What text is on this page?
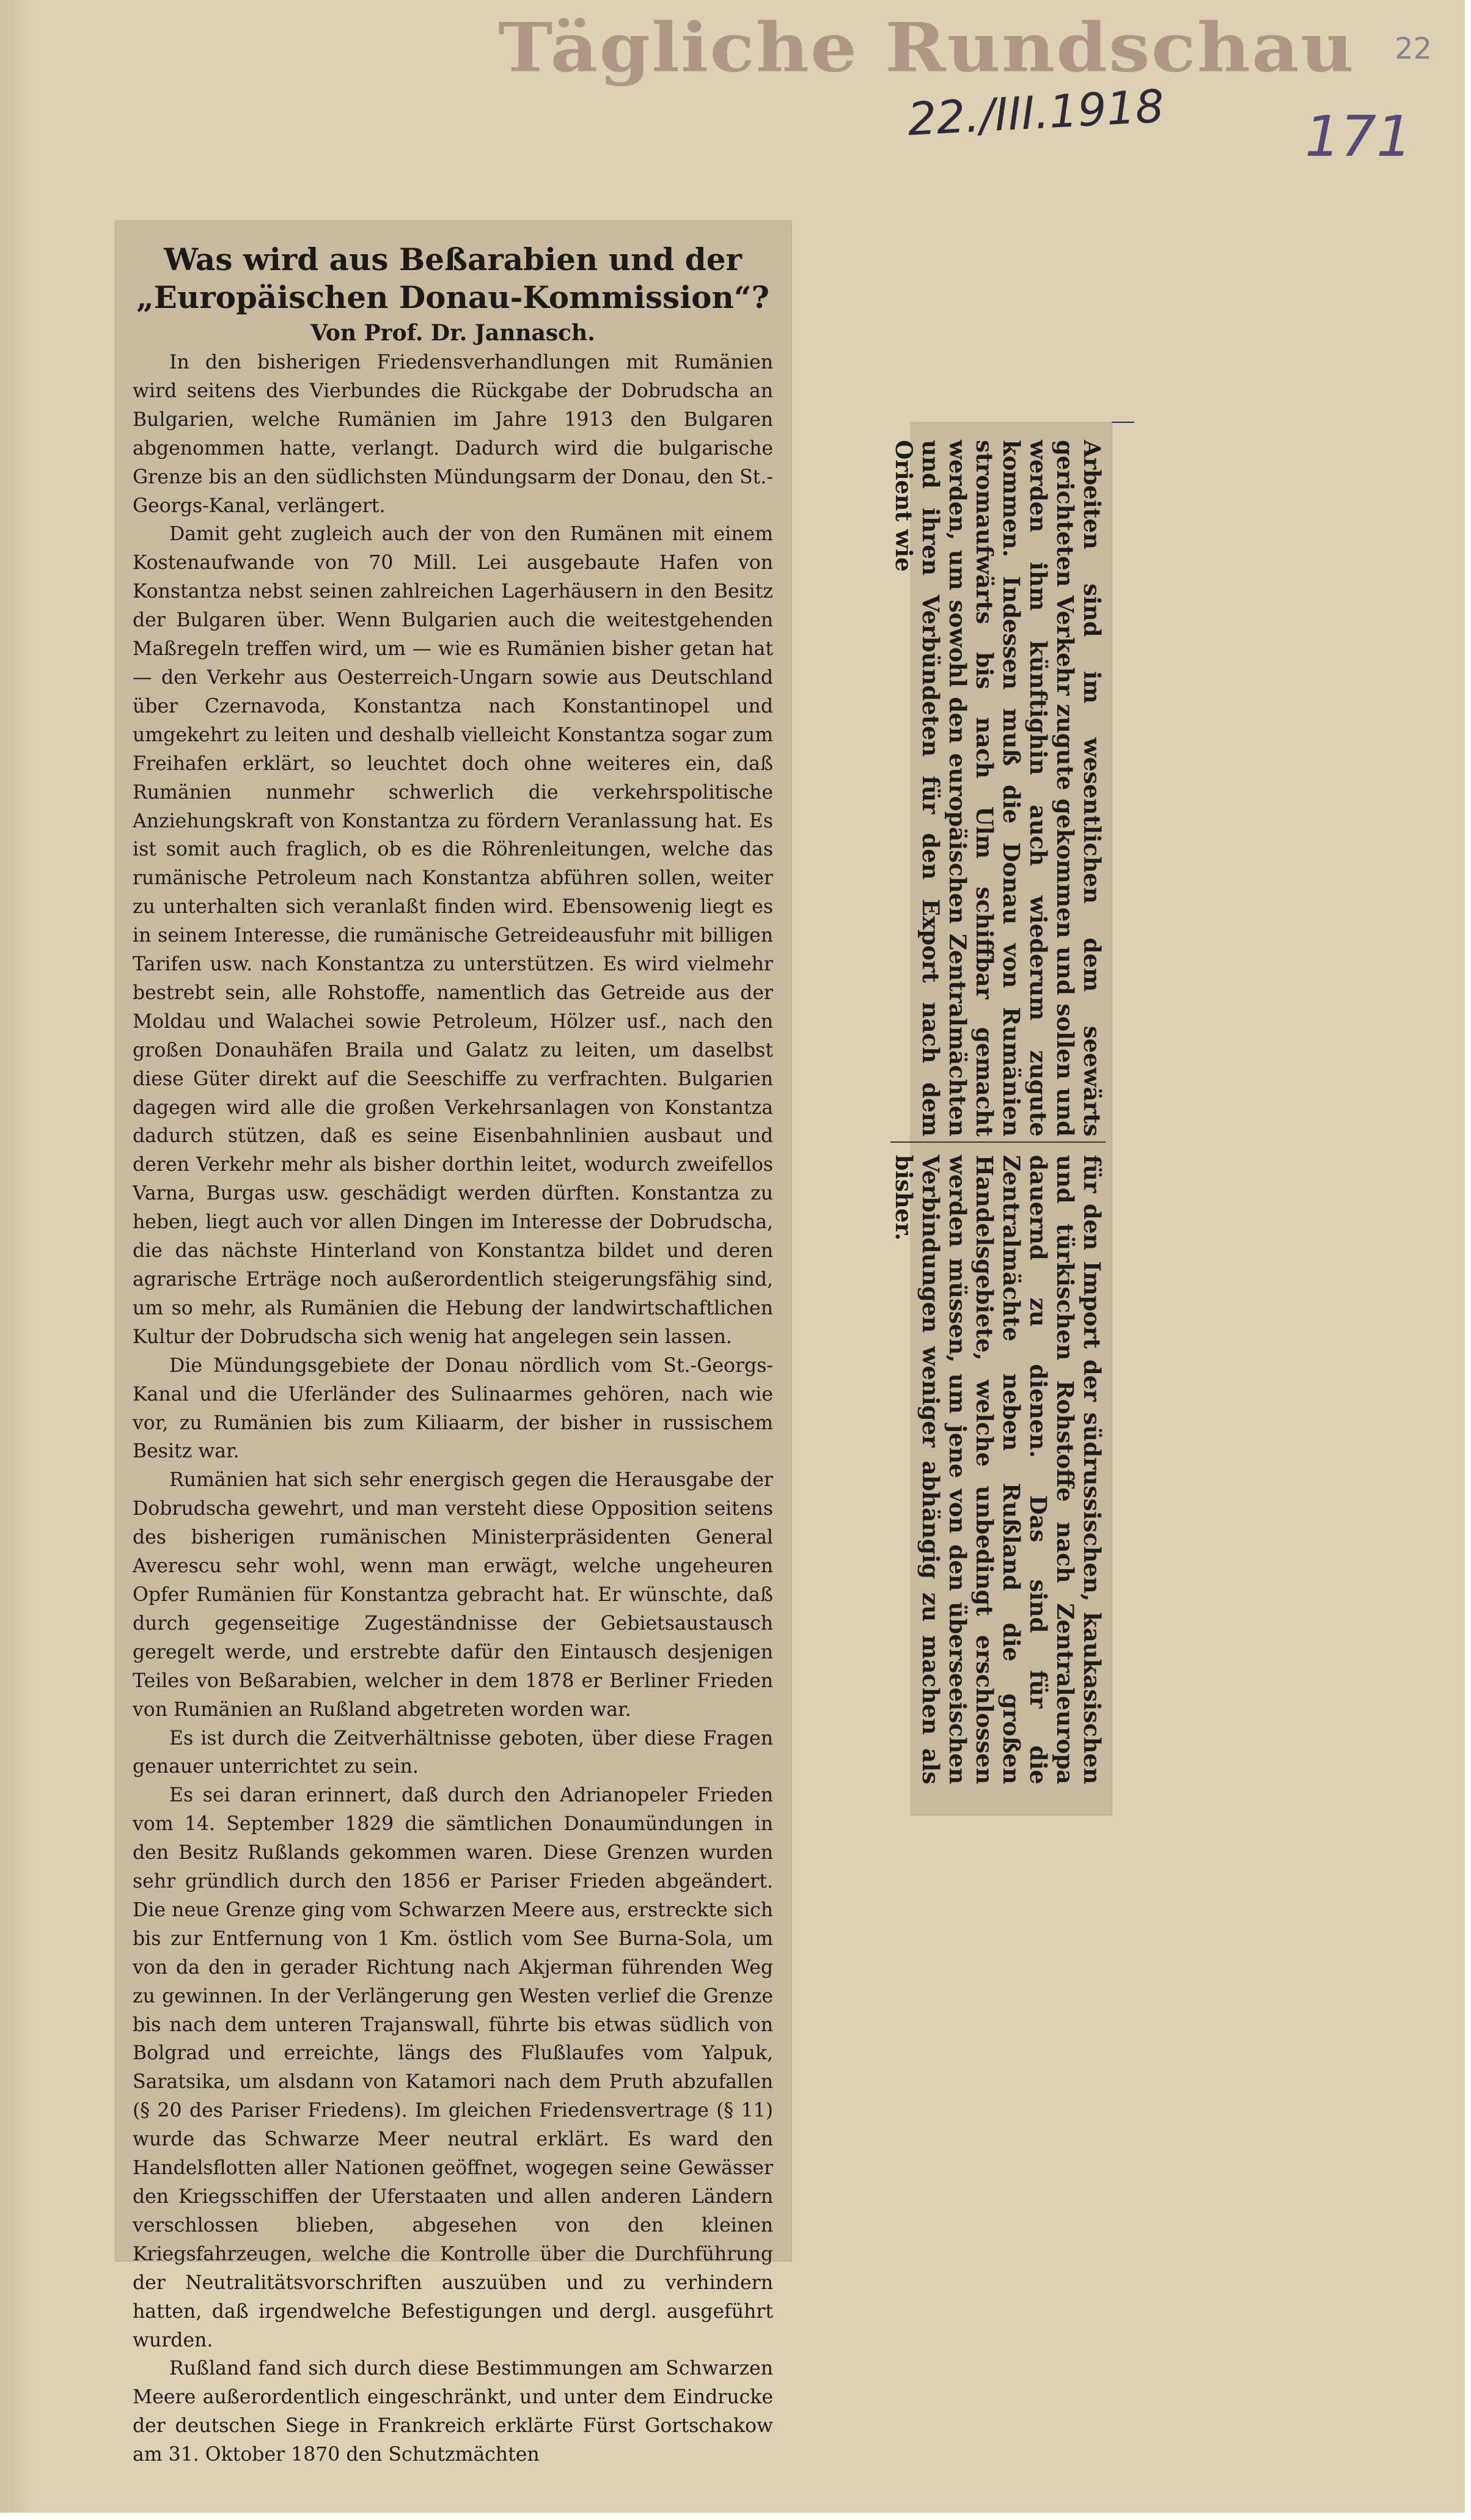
Tägliche Rundschau
22./III.1918 171
22
Was wird aus Beßarabien und der
„Europäischen Donau-Kommission“?
Von Prof. Dr. Jannasch.

In den bisherigen Friedensverhandlungen mit Rumänien wird seitens des Vierbundes die Rückgabe der Dobrudscha an Bulgarien, welche Rumänien im Jahre 1913 den Bulgaren abgenommen hatte, verlangt. Dadurch wird die bulgarische Grenze bis an den südlichsten Mündungsarm der Donau, den St.-Georgs-Kanal, verlängert.

Damit geht zugleich auch der von den Rumänen mit einem Kostenaufwande von 70 Mill. Lei ausgebaute Hafen von Konstantza nebst seinen zahlreichen Lagerhäusern in den Besitz der Bulgaren über. Wenn Bulgarien auch die weitestgehenden Maßregeln treffen wird, um — wie es Rumänien bisher getan hat — den Verkehr aus Oesterreich-Ungarn sowie aus Deutschland über Czernavoda, Konstantza nach Konstantinopel und umgekehrt zu leiten und deshalb vielleicht Konstantza sogar zum Freihafen erklärt, so leuchtet doch ohne weiteres ein, daß Rumänien nunmehr schwerlich die verkehrspolitische Anziehungskraft von Konstantza zu fördern Veranlassung hat. Es ist somit auch fraglich, ob es die Röhrenleitungen, welche das rumänische Petroleum nach Konstantza abführen sollen, weiter zu unterhalten sich veranlaßt finden wird. Ebensowenig liegt es in seinem Interesse, die rumänische Getreideausfuhr mit billigen Tarifen usw. nach Konstantza zu unterstützen. Es wird vielmehr bestrebt sein, alle Rohstoffe, namentlich das Getreide aus der Moldau und Walachei sowie Petroleum, Hölzer usf., nach den großen Donauhäfen Braila und Galatz zu leiten, um daselbst diese Güter direkt auf die Seeschiffe zu verfrachten. Bulgarien dagegen wird alle die großen Verkehrsanlagen von Konstantza dadurch stützen, daß es seine Eisenbahnlinien ausbaut und deren Verkehr mehr als bisher dorthin leitet, wodurch zweifellos Varna, Burgas usw. geschädigt werden dürften. Konstantza zu heben, liegt auch vor allen Dingen im Interesse der Dobrudscha, die das nächste Hinterland von Konstantza bildet und deren agrarische Erträge noch außerordentlich steigerungsfähig sind, um so mehr, als Rumänien die Hebung der landwirtschaftlichen Kultur der Dobrudscha sich wenig hat angelegen sein lassen.

Die Mündungsgebiete der Donau nördlich vom St.-Georgs-Kanal und die Uferländer des Sulinaarmes gehören, nach wie vor, zu Rumänien bis zum Kiliaarm, der bisher in russischem Besitz war.

Rumänien hat sich sehr energisch gegen die Herausgabe der Dobrudscha gewehrt, und man versteht diese Opposition seitens des bisherigen rumänischen Ministerpräsidenten General Averescu sehr wohl, wenn man erwägt, welche ungeheuren Opfer Rumänien für Konstantza gebracht hat. Er wünschte, daß durch gegenseitige Zugeständnisse der Gebietsaustausch geregelt werde, und erstrebte dafür den Eintausch desjenigen Teiles von Beßarabien, welcher in dem 1878 er Berliner Frieden von Rumänien an Rußland abgetreten worden war.

Es ist durch die Zeitverhältnisse geboten, über diese Fragen genauer unterrichtet zu sein.

Es sei daran erinnert, daß durch den Adrianopeler Frieden vom 14. September 1829 die sämtlichen Donaumündungen in den Besitz Rußlands gekommen waren. Diese Grenzen wurden sehr gründlich durch den 1856 er Pariser Frieden abgeändert. Die neue Grenze ging vom Schwarzen Meere aus, erstreckte sich bis zur Entfernung von 1 Km. östlich vom See Burna-Sola, um von da den in gerader Richtung nach Akjerman führenden Weg zu gewinnen. In der Verlängerung gen Westen verlief die Grenze bis nach dem unteren Trajanswall, führte bis etwas südlich von Bolgrad und erreichte, längs des Flußlaufes vom Yalpuk, Saratsika, um alsdann von Katamori nach dem Pruth abzufallen (§ 20 des Pariser Friedens). Im gleichen Friedensvertrage (§ 11) wurde das Schwarze Meer neutral erklärt. Es ward den Handelsflotten aller Nationen geöffnet, wogegen seine Gewässer den Kriegsschiffen der Uferstaaten und allen anderen Ländern verschlossen blieben, abgesehen von den kleinen Kriegsfahrzeugen, welche die Kontrolle über die Durchführung der Neutralitätsvorschriften auszuüben und zu verhindern hatten, daß irgendwelche Befestigungen und dergl. ausgeführt wurden.

Rußland fand sich durch diese Bestimmungen am Schwarzen Meere außerordentlich eingeschränkt, und unter dem Eindrucke der deutschen Siege in Frankreich erklärte Fürst Gortschakow am 31. Oktober 1870 den Schutzmächten

Arbeiten sind im wesentlichen dem seewärts gerichteten Verkehr zugute gekommen und sollen und werden ihm künftighin auch wiederum zugute kommen. Indessen muß die Donau von Rumänien stromaufwärts bis nach Ulm schiffbar gemacht werden, um sowohl den europäischen Zentralmächten und ihren Verbündeten für den Export nach dem Orient wiefür den Import der südrussischen, kaukasischen und türkischen Rohstoffe nach Zentraleuropa dauernd zu dienen. Das sind für die Zentralmächte neben Rußland die großen Handelsgebiete, welche unbedingt erschlossen werden müssen, um jene von den überseeischen Verbindungen weniger abhängig zu machen als bisher.
